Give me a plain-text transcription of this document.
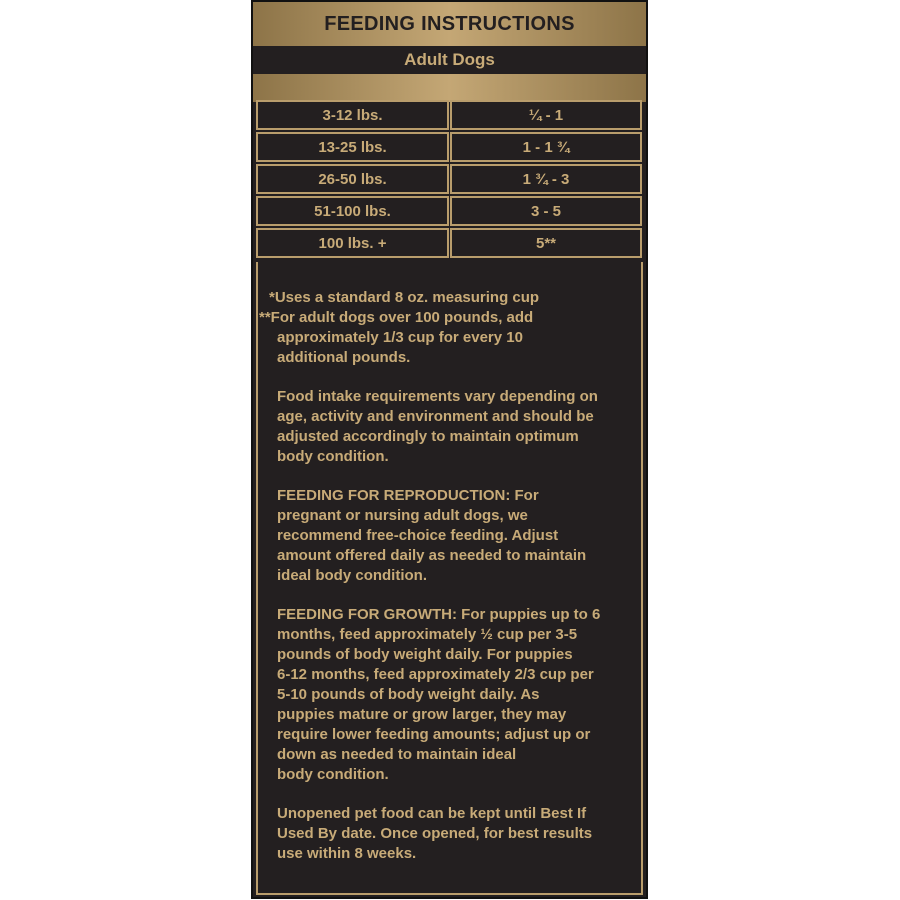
FEEDING INSTRUCTIONS
Adult Dogs
3-12 lbs.	¼ - 1
13-25 lbs.	1 - 1 ¾
26-50 lbs.	1 ¾ - 3
51-100 lbs.	3 - 5
100 lbs. +	5**
*Uses a standard 8 oz. measuring cup
**For adult dogs over 100 pounds, add
approximately 1/3 cup for every 10
additional pounds.
Food intake requirements vary depending on
age, activity and environment and should be
adjusted accordingly to maintain optimum
body condition.
FEEDING FOR REPRODUCTION: For
pregnant or nursing adult dogs, we
recommend free-choice feeding. Adjust
amount offered daily as needed to maintain
ideal body condition.
FEEDING FOR GROWTH: For puppies up to 6
months, feed approximately ½ cup per 3-5
pounds of body weight daily. For puppies
6-12 months, feed approximately 2/3 cup per
5-10 pounds of body weight daily. As
puppies mature or grow larger, they may
require lower feeding amounts; adjust up or
down as needed to maintain ideal
body condition.
Unopened pet food can be kept until Best If
Used By date. Once opened, for best results
use within 8 weeks.
